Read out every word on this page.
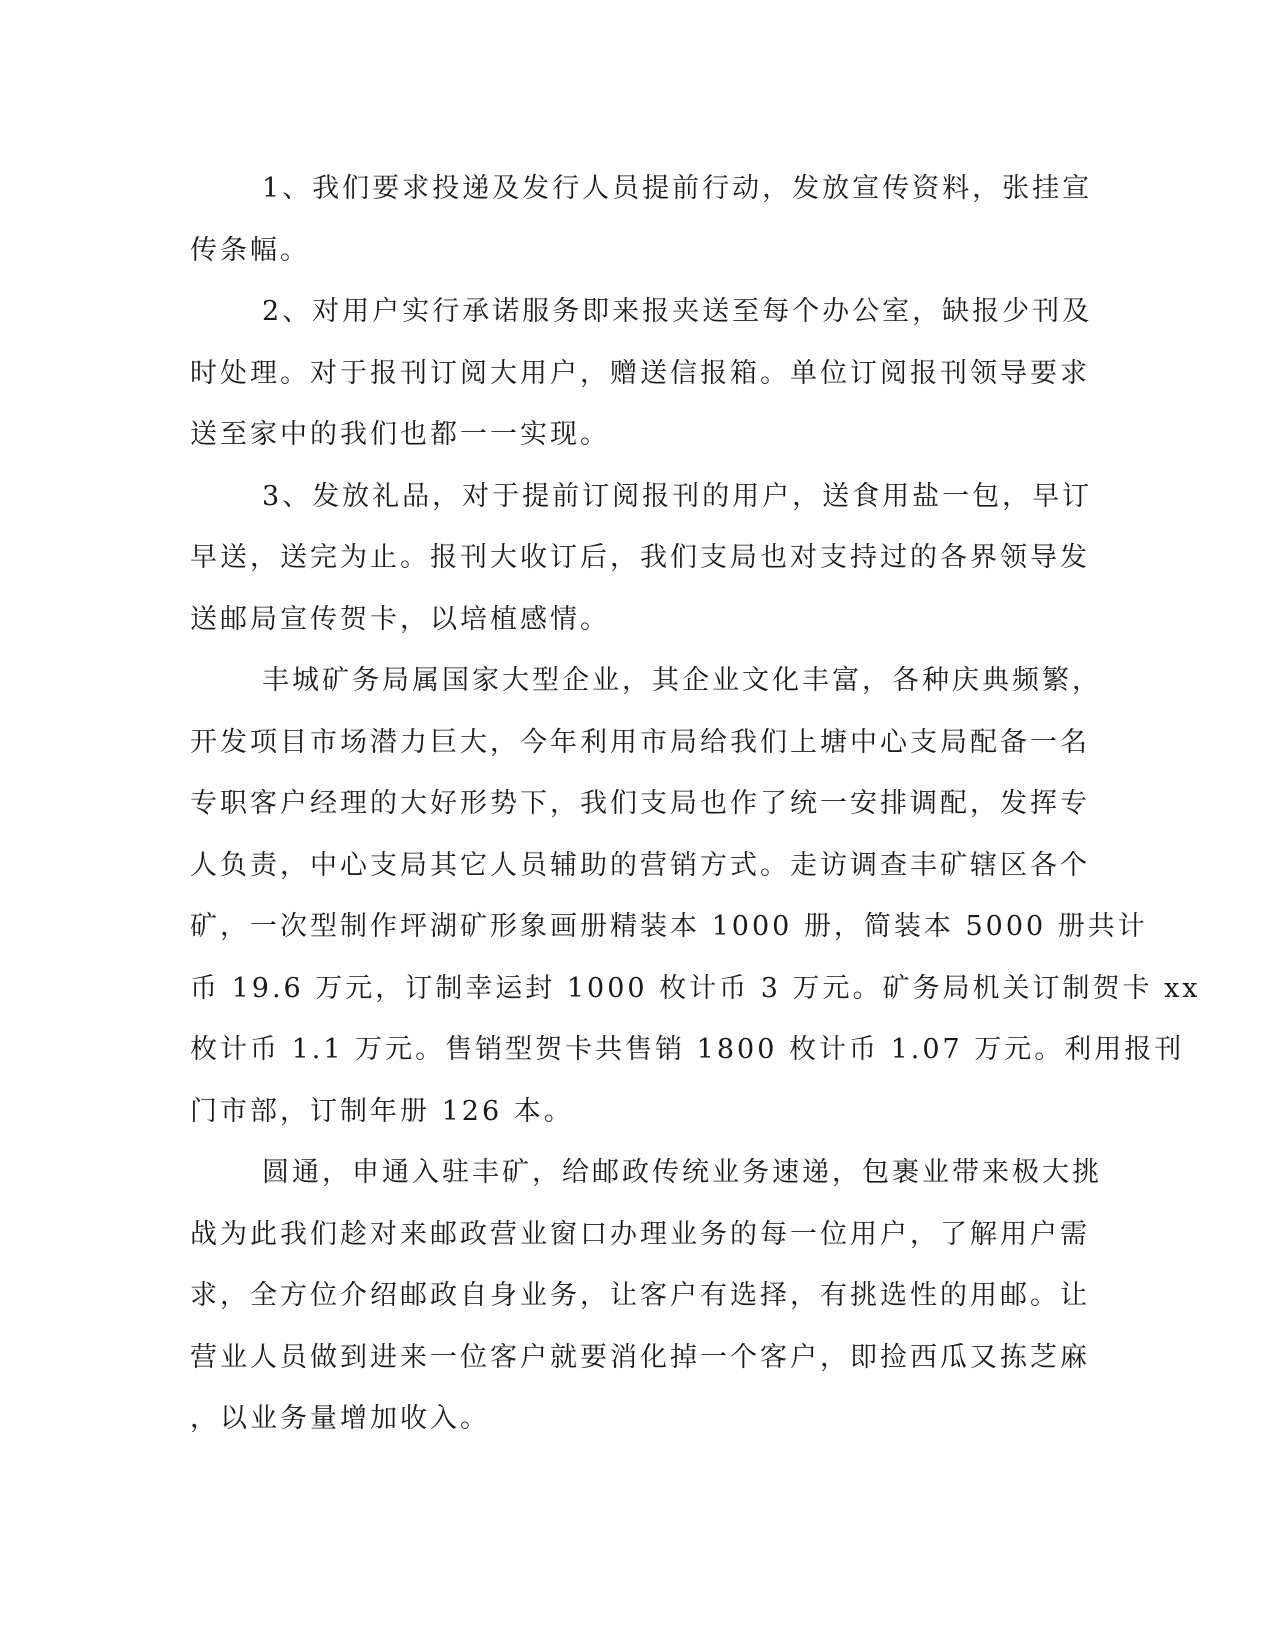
1、我们要求投递及发行人员提前行动，发放宣传资料，张挂宣
传条幅。
2、对用户实行承诺服务即来报夹送至每个办公室，缺报少刊及
时处理。对于报刊订阅大用户，赠送信报箱。单位订阅报刊领导要求
送至家中的我们也都一一实现。
3、发放礼品，对于提前订阅报刊的用户，送食用盐一包，早订
早送，送完为止。报刊大收订后，我们支局也对支持过的各界领导发
送邮局宣传贺卡，以培植感情。
丰城矿务局属国家大型企业，其企业文化丰富，各种庆典频繁，
开发项目市场潜力巨大，今年利用市局给我们上塘中心支局配备一名
专职客户经理的大好形势下，我们支局也作了统一安排调配，发挥专
人负责，中心支局其它人员辅助的营销方式。走访调查丰矿辖区各个
矿，一次型制作坪湖矿形象画册精装本 1000 册，简装本 5000 册共计
币 19.6 万元，订制幸运封 1000 枚计币 3 万元。矿务局机关订制贺卡 xx
枚计币 1.1 万元。售销型贺卡共售销 1800 枚计币 1.07 万元。利用报刊
门市部，订制年册 126 本。
圆通，申通入驻丰矿，给邮政传统业务速递，包裹业带来极大挑
战为此我们趁对来邮政营业窗口办理业务的每一位用户，了解用户需
求，全方位介绍邮政自身业务，让客户有选择，有挑选性的用邮。让
营业人员做到进来一位客户就要消化掉一个客户，即捡西瓜又拣芝麻
，以业务量增加收入。
